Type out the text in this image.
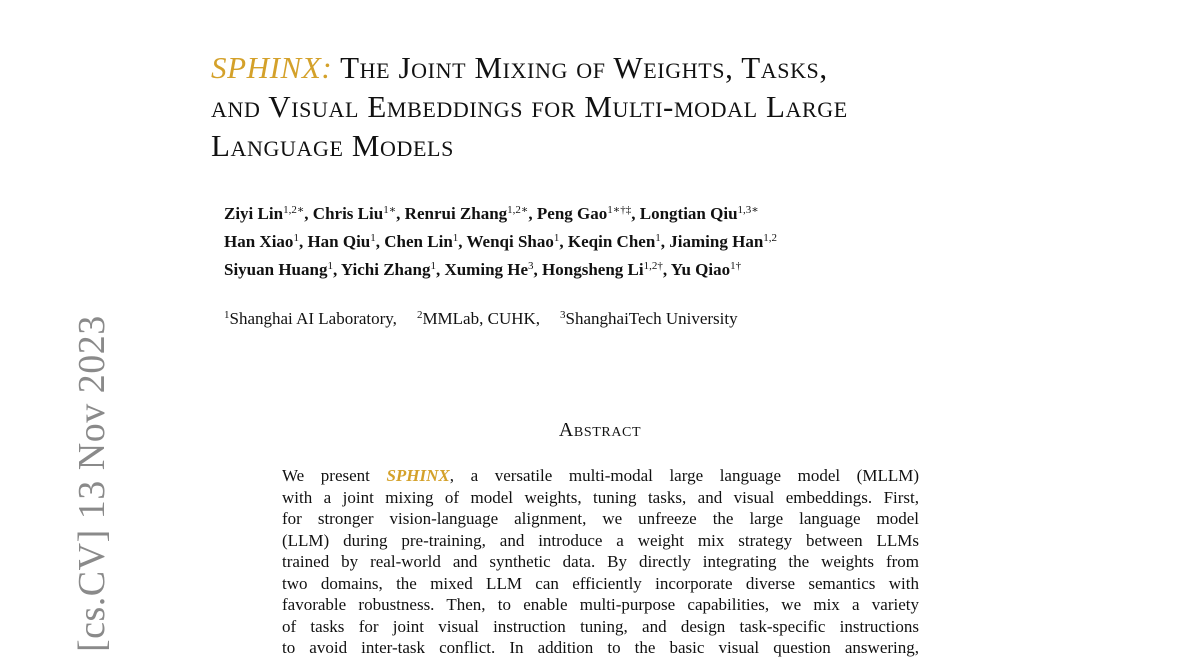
[cs.CV] 13 Nov 2023
SPHINX: The Joint Mixing of Weights, Tasks,
and Visual Embeddings for Multi-modal Large
Language Models
Ziyi Lin$^{1,2∗}$, Chris Liu$^{1∗}$, Renrui Zhang$^{1,2∗}$, Peng Gao$^{1∗\dagger\ddagger}$, Longtian Qiu$^{1,3∗}$
Han Xiao$^1$, Han Qiu$^1$, Chen Lin$^1$, Wenqi Shao$^1$, Keqin Chen$^1$, Jiaming Han$^{1,2}$
Siyuan Huang$^1$, Yichi Zhang$^1$, Xuming He$^3$, Hongsheng $Li^{1,2\dagger}$, Yu Qiao$^{1\dagger}$
$^1$Shanghai AI Laboratory, $^2$MMLab, CUHK, $^3$ShanghaiTech University
Abstract
We present SPHINX, a versatile multi-modal large language model (MLLM)
with a joint mixing of model weights, tuning tasks, and visual embeddings. First,
for stronger vision-language alignment, we unfreeze the large language model
(LLM) during pre-training, and introduce a weight mix strategy between LLMs
trained by real-world and synthetic data. By directly integrating the weights from
two domains, the mixed LLM can efficiently incorporate diverse semantics with
favorable robustness. Then, to enable multi-purpose capabilities, we mix a variety
of tasks for joint visual instruction tuning, and design task-specific instructions
to avoid inter-task conflict. In addition to the basic visual question answering,
